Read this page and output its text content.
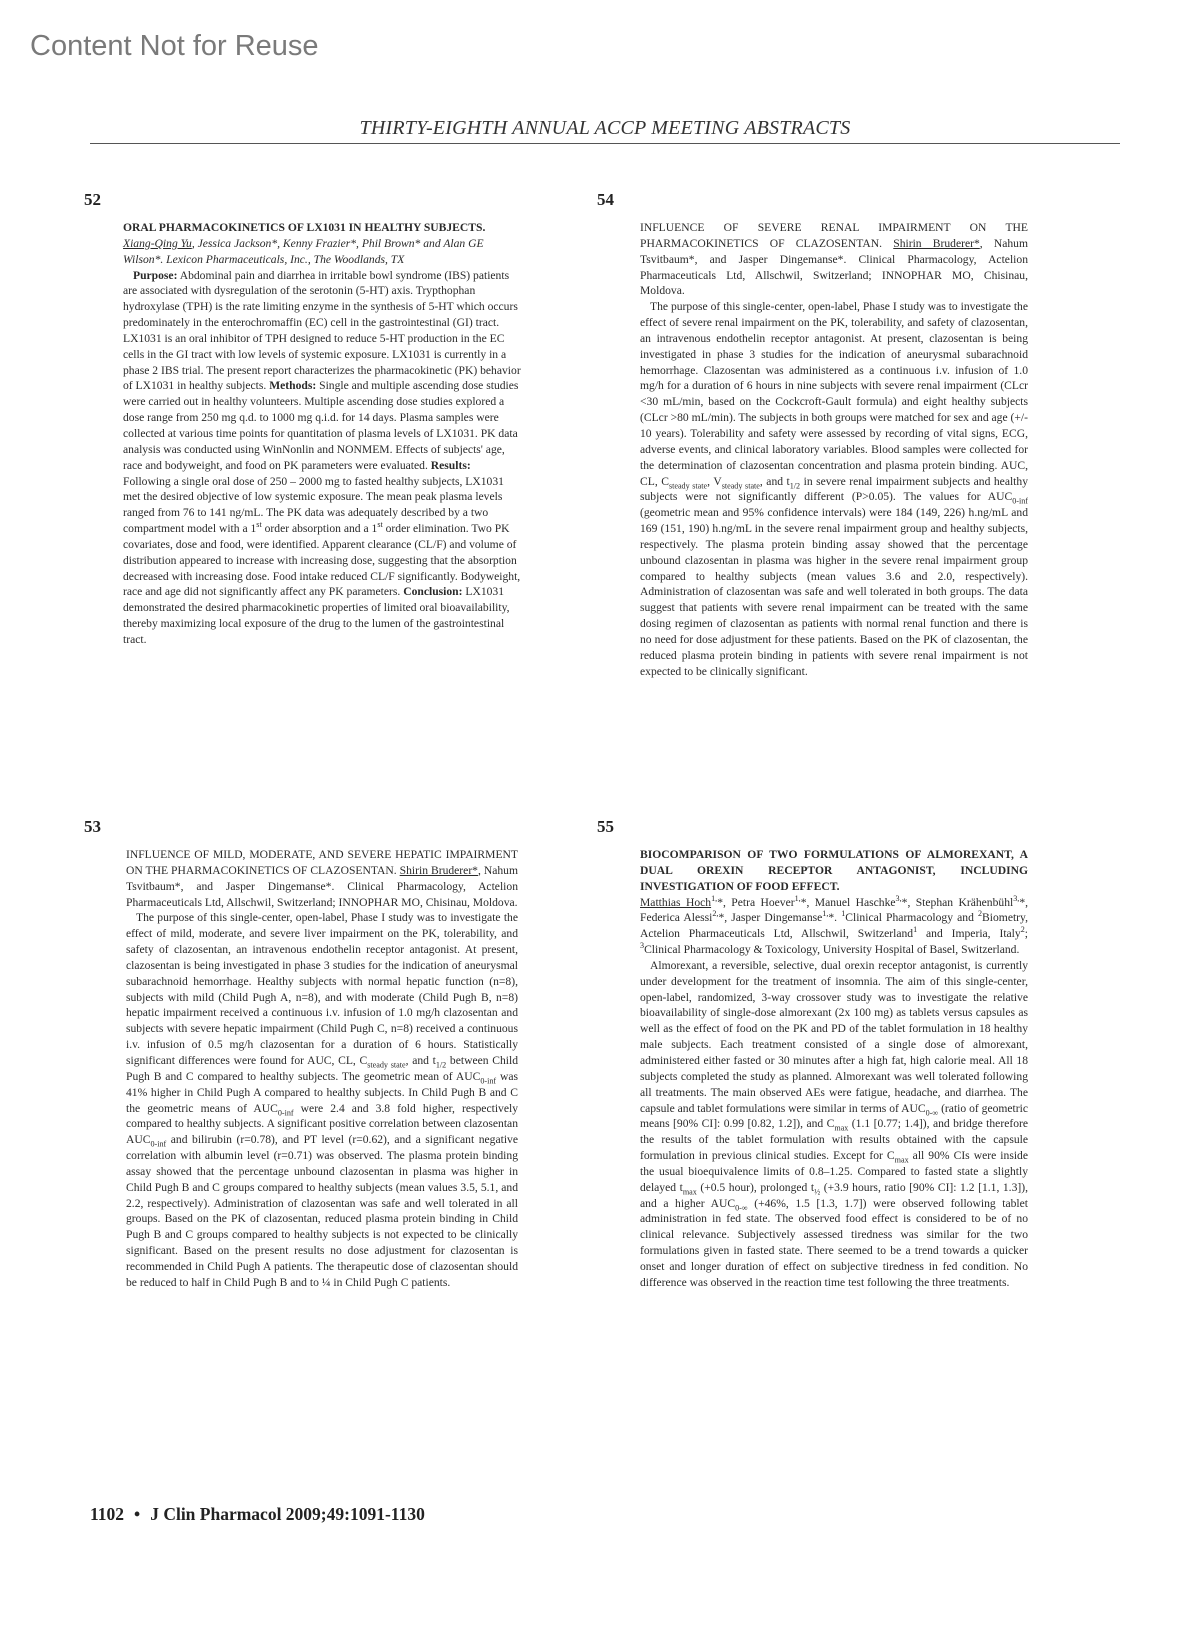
Content Not for Reuse
THIRTY-EIGHTH ANNUAL ACCP MEETING ABSTRACTS
52

ORAL PHARMACOKINETICS OF LX1031 IN HEALTHY SUBJECTS.
Xiang-Qing Yu, Jessica Jackson*, Kenny Frazier*, Phil Brown* and Alan GE Wilson*. Lexicon Pharmaceuticals, Inc., The Woodlands, TX
Purpose: Abdominal pain and diarrhea in irritable bowl syndrome (IBS) patients are associated with dysregulation of the serotonin (5-HT) axis. Trypthophan hydroxylase (TPH) is the rate limiting enzyme in the synthesis of 5-HT which occurs predominately in the enterochromaffin (EC) cell in the gastrointestinal (GI) tract. LX1031 is an oral inhibitor of TPH designed to reduce 5-HT production in the EC cells in the GI tract with low levels of systemic exposure. LX1031 is currently in a phase 2 IBS trial. The present report characterizes the pharmacokinetic (PK) behavior of LX1031 in healthy subjects. Methods: Single and multiple ascending dose studies were carried out in healthy volunteers. Multiple ascending dose studies explored a dose range from 250 mg q.d. to 1000 mg q.i.d. for 14 days. Plasma samples were collected at various time points for quantitation of plasma levels of LX1031. PK data analysis was conducted using WinNonlin and NONMEM. Effects of subjects' age, race and bodyweight, and food on PK parameters were evaluated. Results: Following a single oral dose of 250 – 2000 mg to fasted healthy subjects, LX1031 met the desired objective of low systemic exposure. The mean peak plasma levels ranged from 76 to 141 ng/mL. The PK data was adequately described by a two compartment model with a 1st order absorption and a 1st order elimination. Two PK covariates, dose and food, were identified. Apparent clearance (CL/F) and volume of distribution appeared to increase with increasing dose, suggesting that the absorption decreased with increasing dose. Food intake reduced CL/F significantly. Bodyweight, race and age did not significantly affect any PK parameters. Conclusion: LX1031 demonstrated the desired pharmacokinetic properties of limited oral bioavailability, thereby maximizing local exposure of the drug to the lumen of the gastrointestinal tract.

54

INFLUENCE OF SEVERE RENAL IMPAIRMENT ON THE PHARMACOKINETICS OF CLAZOSENTAN. Shirin Bruderer*, Nahum Tsvitbaum*, and Jasper Dingemanse*. Clinical Pharmacology, Actelion Pharmaceuticals Ltd, Allschwil, Switzerland; INNOPHAR MO, Chisinau, Moldova.

The purpose of this single-center, open-label, Phase I study was to investigate the effect of severe renal impairment on the PK, tolerability, and safety of clazosentan, an intravenous endothelin receptor antagonist. At present, clazosentan is being investigated in phase 3 studies for the indication of aneurysmal subarachnoid hemorrhage. Clazosentan was administered as a continuous i.v. infusion of 1.0 mg/h for a duration of 6 hours in nine subjects with severe renal impairment (CLcr <30 mL/min, based on the Cockcroft-Gault formula) and eight healthy subjects (CLcr >80 mL/min). The subjects in both groups were matched for sex and age (+/- 10 years). Tolerability and safety were assessed by recording of vital signs, ECG, adverse events, and clinical laboratory variables. Blood samples were collected for the determination of clazosentan concentration and plasma protein binding. AUC, CL, $C_{steady state}$, $V_{steady state}$, and $t_{1/2}$ in severe renal impairment subjects and healthy subjects were not significantly different (P>0.05). The values for $AUC_{0-inf}$ (geometric mean and 95% confidence intervals) were 184 (149, 226) h.ng/mL and 169 (151, 190) h.ng/mL in the severe renal impairment group and healthy subjects, respectively. The plasma protein binding assay showed that the percentage unbound clazosentan in plasma was higher in the severe renal impairment group compared to healthy subjects (mean values 3.6 and 2.0, respectively). Administration of clazosentan was safe and well tolerated in both groups. The data suggest that patients with severe renal impairment can be treated with the same dosing regimen of clazosentan as patients with normal renal function and there is no need for dose adjustment for these patients. Based on the PK of clazosentan, the reduced plasma protein binding in patients with severe renal impairment is not expected to be clinically significant.

53

INFLUENCE OF MILD, MODERATE, AND SEVERE HEPATIC IMPAIRMENT ON THE PHARMACOKINETICS OF CLAZOSENTAN. Shirin Bruderer*, Nahum Tsvitbaum*, and Jasper Dingemanse*. Clinical Pharmacology, Actelion Pharmaceuticals Ltd, Allschwil, Switzerland; INNOPHAR MO, Chisinau, Moldova.

The purpose of this single-center, open-label, Phase I study was to investigate the effect of mild, moderate, and severe liver impairment on the PK, tolerability, and safety of clazosentan, an intravenous endothelin receptor antagonist. At present, clazosentan is being investigated in phase 3 studies for the indication of aneurysmal subarachnoid hemorrhage. Healthy subjects with normal hepatic function (n=8), subjects with mild (Child Pugh A, n=8), and with moderate (Child Pugh B, n=8) hepatic impairment received a continuous i.v. infusion of 1.0 mg/h clazosentan and subjects with severe hepatic impairment (Child Pugh C, n=8) received a continuous i.v. infusion of 0.5 mg/h clazosentan for a duration of 6 hours. Statistically significant differences were found for AUC, CL, $C_{steady state}$, and $t_{1/2}$ between Child Pugh B and C compared to healthy subjects. The geometric mean of $AUC_{0-inf}$ was 41% higher in Child Pugh A compared to healthy subjects. In Child Pugh B and C the geometric means of $AUC_{0-inf}$ were 2.4 and 3.8 fold higher, respectively compared to healthy subjects. A significant positive correlation between clazosentan $AUC_{0-inf}$ and bilirubin (r=0.78), and PT level (r=0.62), and a significant negative correlation with albumin level (r=0.71) was observed. The plasma protein binding assay showed that the percentage unbound clazosentan in plasma was higher in Child Pugh B and C groups compared to healthy subjects (mean values 3.5, 5.1, and 2.2, respectively). Administration of clazosentan was safe and well tolerated in all groups. Based on the PK of clazosentan, reduced plasma protein binding in Child Pugh B and C groups compared to healthy subjects is not expected to be clinically significant. Based on the present results no dose adjustment for clazosentan is recommended in Child Pugh A patients. The therapeutic dose of clazosentan should be reduced to half in Child Pugh B and to ¼ in Child Pugh C patients.

55

BIOCOMPARISON OF TWO FORMULATIONS OF ALMOREXANT, A DUAL OREXIN RECEPTOR ANTAGONIST, INCLUDING INVESTIGATION OF FOOD EFFECT.
Matthias Hoch$^{1,}$*, Petra Hoever$^{1,}$*, Manuel Haschke$^{3,}$*, Stephan Krähenbühl$^{3,}$*, Federica Alessi$^{2,}$*, Jasper Dingemanse$^{1,}$*. $^1$Clinical Pharmacology and $^2$Biometry, Actelion Pharmaceuticals Ltd, Allschwil, Switzerland$^1$ and Imperia, Italy$^2$; $^3$Clinical Pharmacology & Toxicology, University Hospital of Basel, Switzerland.

Almorexant, a reversible, selective, dual orexin receptor antagonist, is currently under development for the treatment of insomnia. The aim of this single-center, open-label, randomized, 3-way crossover study was to investigate the relative bioavailability of single-dose almorexant (2x 100 mg) as tablets versus capsules as well as the effect of food on the PK and PD of the tablet formulation in 18 healthy male subjects. Each treatment consisted of a single dose of almorexant, administered either fasted or 30 minutes after a high fat, high calorie meal. All 18 subjects completed the study as planned. Almorexant was well tolerated following all treatments. The main observed AEs were fatigue, headache, and diarrhea. The capsule and tablet formulations were similar in terms of $AUC_{0-\infty}$ (ratio of geometric means [90% CI]: 0.99 [0.82, 1.2]), and $C_{max}$ (1.1 [0.77; 1.4]), and bridge therefore the results of the tablet formulation with results obtained with the capsule formulation in previous clinical studies. Except for $C_{max}$ all 90% CIs were inside the usual bioequivalence limits of 0.8–1.25. Compared to fasted state a slightly delayed $t_{max}$ (+0.5 hour), prolonged $t_{\frac{1}{2}}$ (+3.9 hours, ratio [90% CI]: 1.2 [1.1, 1.3]), and a higher $AUC_{0-\infty}$ (+46%, 1.5 [1.3, 1.7]) were observed following tablet administration in fed state. The observed food effect is considered to be of no clinical relevance. Subjectively assessed tiredness was similar for the two formulations given in fasted state. There seemed to be a trend towards a quicker onset and longer duration of effect on subjective tiredness in fed condition. No difference was observed in the reaction time test following the three treatments.

1102 • J Clin Pharmacol 2009;49:1091-1130
